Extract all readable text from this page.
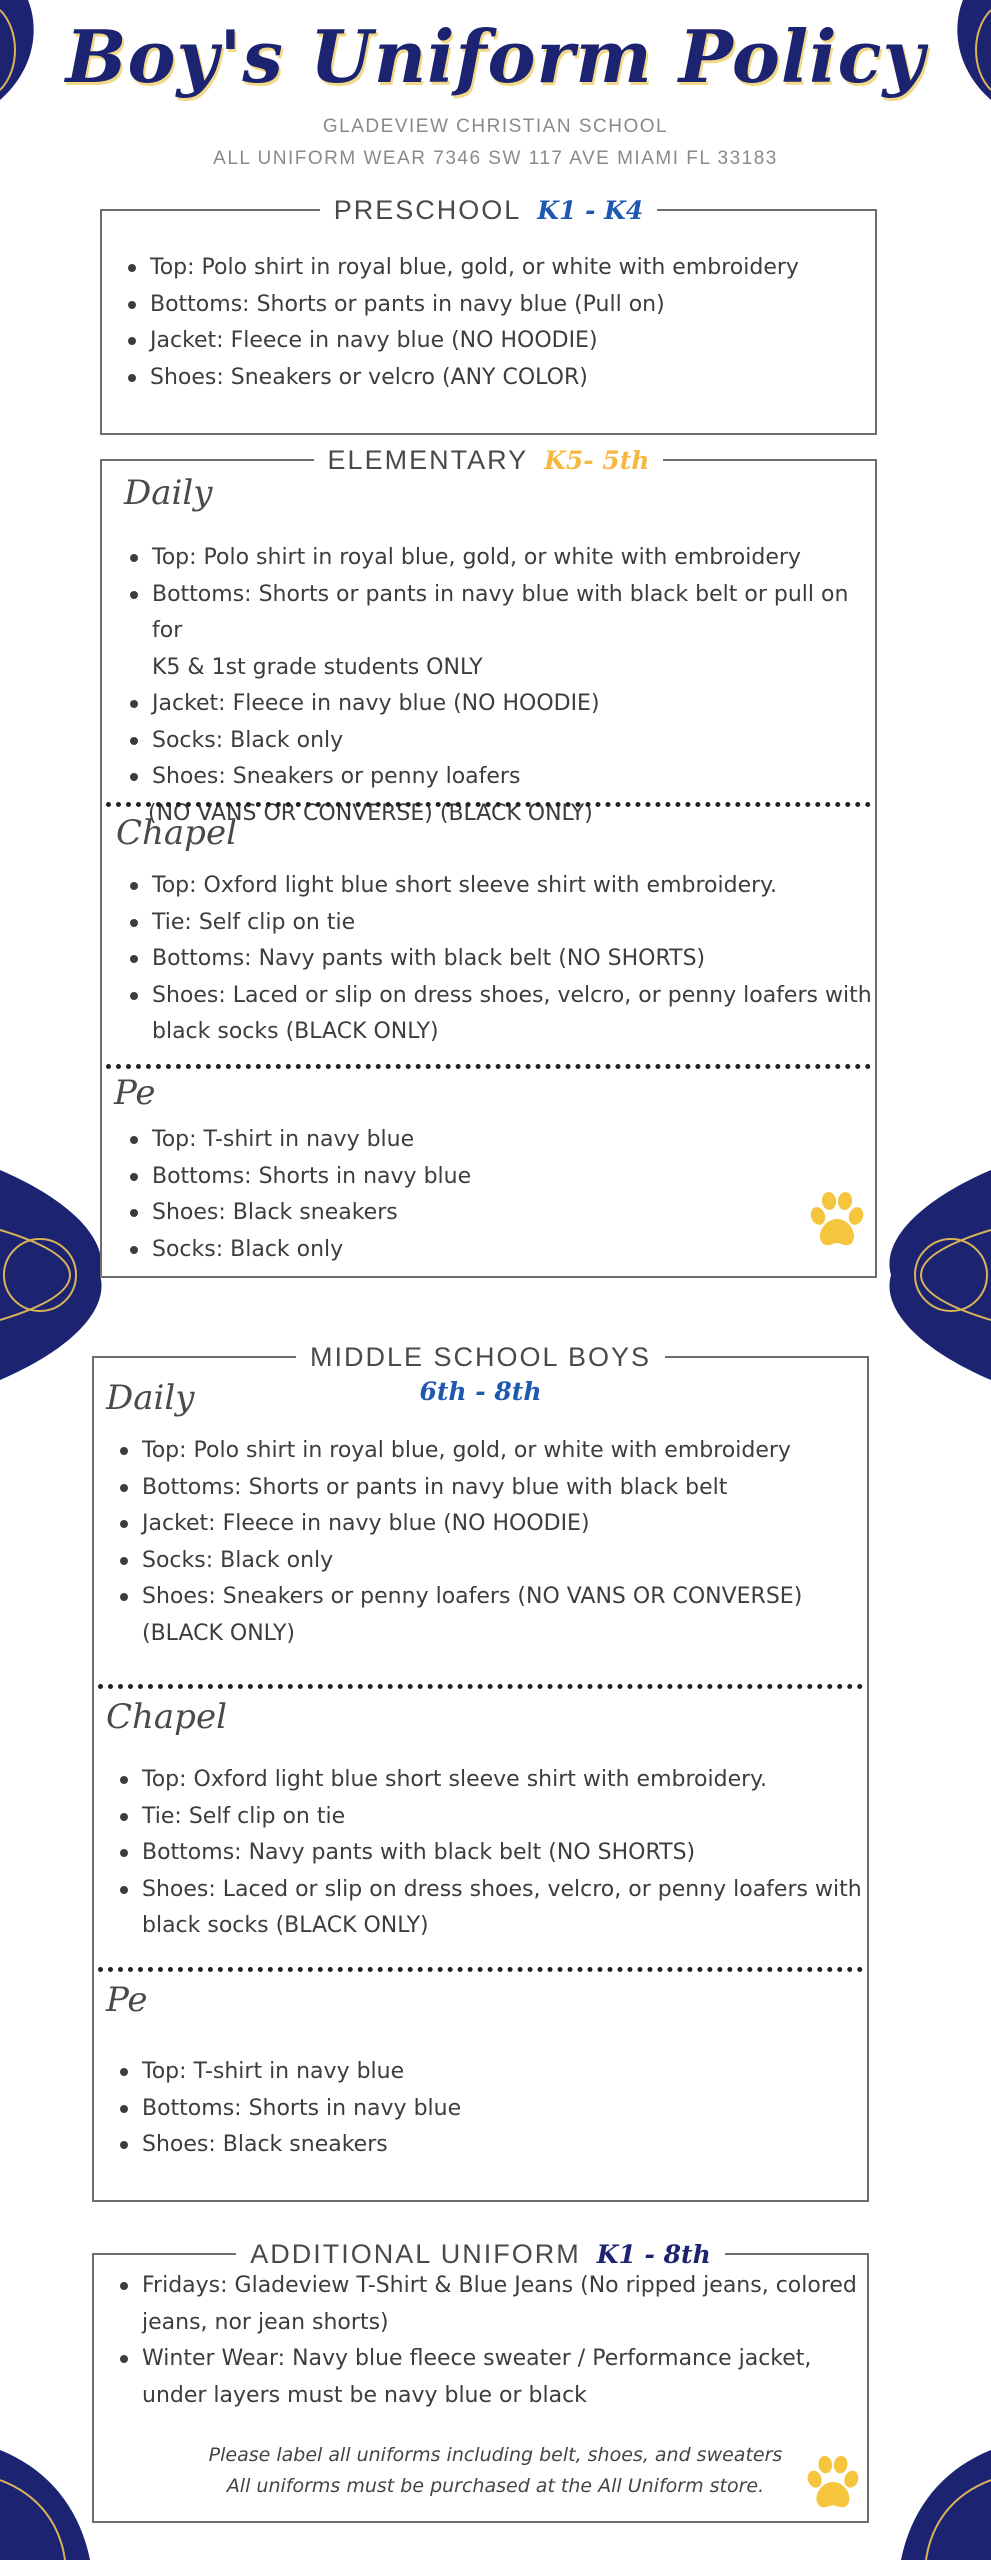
Boy's Uniform Policy
GLADEVIEW CHRISTIAN SCHOOL
ALL UNIFORM WEAR 7346 SW 117 AVE MIAMI FL 33183
PRESCHOOL K1 - K4
Top: Polo shirt in royal blue, gold, or white with embroidery
Bottoms: Shorts or pants in navy blue (Pull on)
Jacket: Fleece in navy blue (NO HOODIE)
Shoes: Sneakers or velcro (ANY COLOR)
ELEMENTARY K5- 5th
Daily
Top: Polo shirt in royal blue, gold, or white with embroidery
Bottoms: Shorts or pants in navy blue with black belt or pull on for
K5 & 1st grade students ONLY
Jacket: Fleece in navy blue (NO HOODIE)
Socks: Black only
Shoes: Sneakers or penny loafers
(NO VANS OR CONVERSE) (BLACK ONLY)
Chapel
Top: Oxford light blue short sleeve shirt with embroidery.
Tie: Self clip on tie
Bottoms: Navy pants with black belt (NO SHORTS)
Shoes: Laced or slip on dress shoes, velcro, or penny loafers with
black socks (BLACK ONLY)
Pe
Top: T-shirt in navy blue
Bottoms: Shorts in navy blue
Shoes: Black sneakers
Socks: Black only
MIDDLE SCHOOL BOYS
6th - 8th
Daily
Top: Polo shirt in royal blue, gold, or white with embroidery
Bottoms: Shorts or pants in navy blue with black belt
Jacket: Fleece in navy blue (NO HOODIE)
Socks: Black only
Shoes: Sneakers or penny loafers (NO VANS OR CONVERSE)
(BLACK ONLY)
Chapel
Top: Oxford light blue short sleeve shirt with embroidery.
Tie: Self clip on tie
Bottoms: Navy pants with black belt (NO SHORTS)
Shoes: Laced or slip on dress shoes, velcro, or penny loafers with
black socks (BLACK ONLY)
Pe
Top: T-shirt in navy blue
Bottoms: Shorts in navy blue
Shoes: Black sneakers
ADDITIONAL UNIFORM K1 - 8th
Fridays: Gladeview T-Shirt & Blue Jeans (No ripped jeans, colored
jeans, nor jean shorts)
Winter Wear: Navy blue fleece sweater / Performance jacket,
under layers must be navy blue or black
Please label all uniforms including belt, shoes, and sweaters
All uniforms must be purchased at the All Uniform store.
